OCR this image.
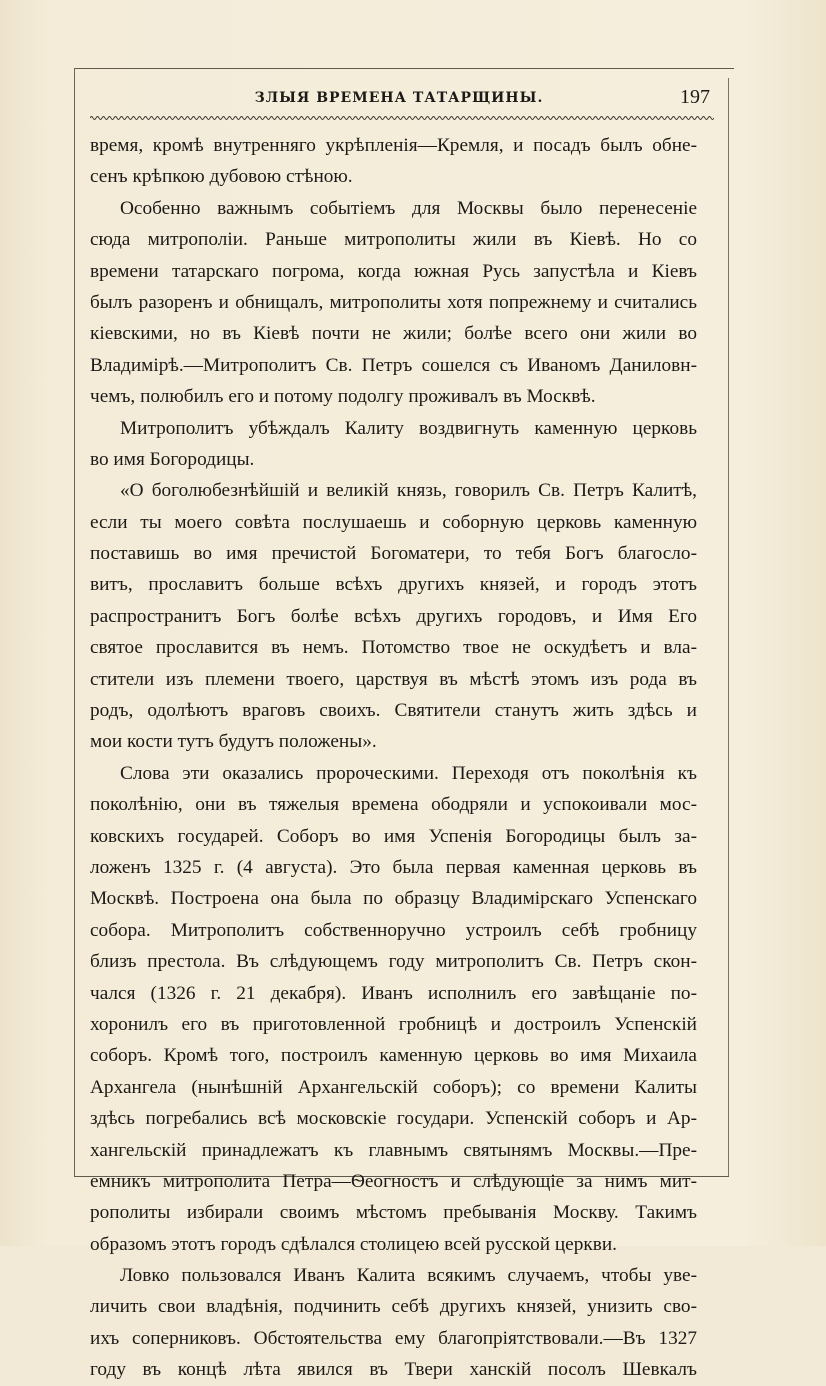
ЗЛЫЯ ВРЕМЕНА ТАТАРЩИНЫ.	197
время, кромѣ внутренняго укрѣпленія—Кремля, и посадъ былъ обне-
сенъ крѣпкою дубовою стѣною.
Особенно важнымъ событіемъ для Москвы было перенесеніе
сюда митрополіи. Раньше митрополиты жили въ Кіевѣ. Но со
времени татарскаго погрома, когда южная Русь запустѣла и Кіевъ
былъ разоренъ и обнищалъ, митрополиты хотя попрежнему и считались
кіевскими, но въ Кіевѣ почти не жили; болѣе всего они жили во
Владимірѣ.—Митрополитъ Св. Петръ сошелся съ Иваномъ Даниловн-
чемъ, полюбилъ его и потому подолгу проживалъ въ Москвѣ.
Митрополитъ убѣждалъ Калиту воздвигнуть каменную церковь
во имя Богородицы.
«О боголюбезнѣйшій и великій князь, говорилъ Св. Петръ Калитѣ,
если ты моего совѣта послушаешь и соборную церковь каменную
поставишь во имя пречистой Богоматери, то тебя Богъ благосло-
витъ, прославитъ больше всѣхъ другихъ князей, и городъ этотъ
распространитъ Богъ болѣе всѣхъ другихъ городовъ, и Имя Его
святое прославится въ немъ. Потомство твое не оскудѣетъ и вла-
стители изъ племени твоего, царствуя въ мѣстѣ этомъ изъ рода въ
родъ, одолѣютъ враговъ своихъ. Святители станутъ жить здѣсь и
мои кости тутъ будутъ положены».
Слова эти оказались пророческими. Переходя отъ поколѣнія къ
поколѣнію, они въ тяжелыя времена ободряли и успокоивали мос-
ковскихъ государей. Соборъ во имя Успенія Богородицы былъ за-
ложенъ 1325 г. (4 августа). Это была первая каменная церковь въ
Москвѣ. Построена она была по образцу Владимірскаго Успенскаго
собора. Митрополитъ собственноручно устроилъ себѣ гробницу
близъ престола. Въ слѣдующемъ году митрополитъ Св. Петръ скон-
чался (1326 г. 21 декабря). Иванъ исполнилъ его завѣщаніе по-
хоронилъ его въ приготовленной гробницѣ и достроилъ Успенскій
соборъ. Кромѣ того, построилъ каменную церковь во имя Михаила
Архангела (нынѣшній Архангельскій соборъ); со времени Калиты
здѣсь погребались всѣ московскіе государи. Успенскій соборъ и Ар-
хангельскій принадлежатъ къ главнымъ святынямъ Москвы.—Пре-
емникъ митрополита Петра—Ѳеогностъ и слѣдующіе за нимъ мит-
рополиты избирали своимъ мѣстомъ пребыванія Москву. Такимъ
образомъ этотъ городъ сдѣлался столицею всей русской церкви.
Ловко пользовался Иванъ Калита всякимъ случаемъ, чтобы уве-
личить свои владѣнія, подчинить себѣ другихъ князей, унизить сво-
ихъ соперниковъ. Обстоятельства ему благопріятствовали.—Въ 1327
году въ концѣ лѣта явился въ Твери ханскій посолъ Шевкалъ
